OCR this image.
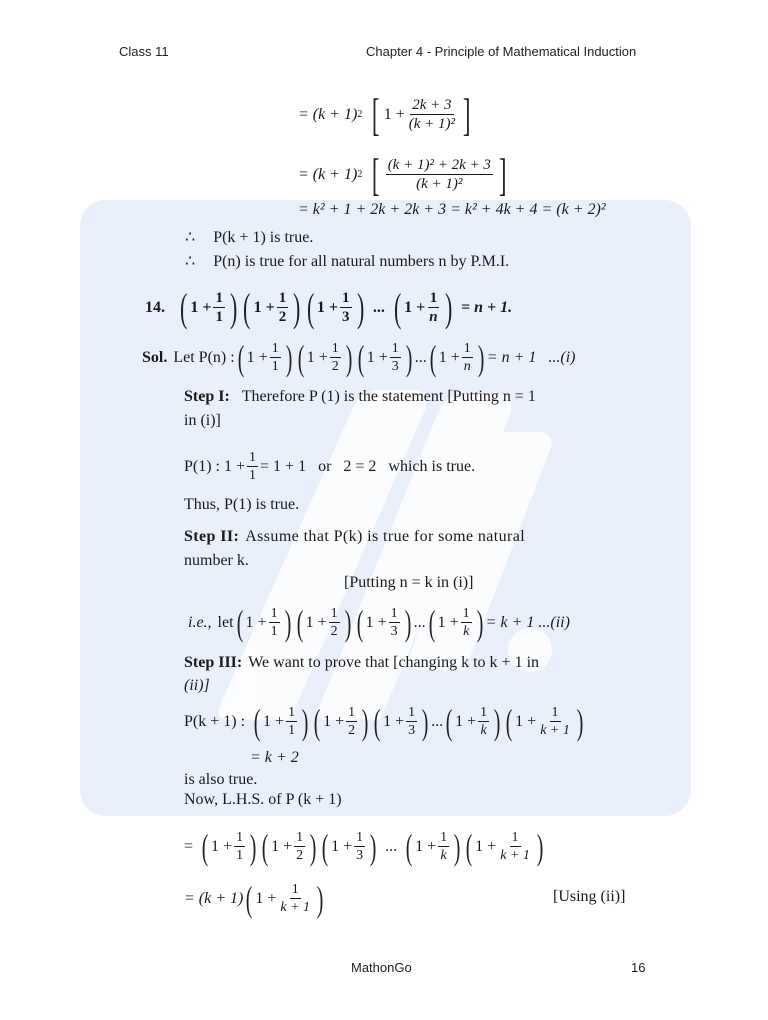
Class 11	Chapter 4 - Principle of Mathematical Induction
= (k + 1) 2 [ $1 + \frac{2k + 3}{\text{(k + 1)²}}$ ]
= (k + 1) 2 [ $\frac{\text{(k + 1)² + 2k + 3}}{\text{(k + 1)²}}$ ]
= k² + 1 + 2k + 2k + 3 = k² + 4k + 4 = (k + 2)²
∴ P(k + 1) is true.
∴ P(n) is true for all natural numbers n by P.M.I.
14. ( $1 + \frac{1}{1}$ ) ( $1 + \frac{1}{2}$ ) ( $1 + \frac{1}{3}$ ) ... ( $1 + \frac{1}{n}$ ) = n + 1.
Sol. Let P(n) : ( $1 + \frac{1}{1}$ ) ( $1 + \frac{1}{2}$ ) ( $1 + \frac{1}{3}$ ) ... ( $1 + \frac{1}{n}$ ) = n + 1 ...(i)
Step I: Therefore P (1) is the statement [Putting n = 1
in (i)]
P(1) : $1 + \frac{1}{1} = 1 + 1$   or   2 = 2   which is true.
Thus, P(1) is true.
Step II: Assume that P(k) is true for some natural
number k.
[Putting n = k in (i)]
i.e., let ( $1 + \frac{1}{1}$ ) ( $1 + \frac{1}{2}$ ) ( $1 + \frac{1}{3}$ ) ... ( $1 + \frac{1}{k}$ ) = k + 1 ...(ii)
Step III: We want to prove that [changing k to k + 1 in
(ii)]
P(k + 1) : ( $1 + \frac{1}{1}$ ) ( $1 + \frac{1}{2}$ ) ( $1 + \frac{1}{3}$ ) ... ( $1 + \frac{1}{k}$ ) ( $1 + \frac{1}{k + 1}$ )
= k + 2
is also true.
Now, L.H.S. of P (k + 1)
= ( $1 + \frac{1}{1}$ ) ( $1 + \frac{1}{2}$ ) ( $1 + \frac{1}{3}$ ) ... ( $1 + \frac{1}{k}$ ) ( $1 + \frac{1}{k + 1}$ )
= (k + 1) ( $1 + \frac{1}{k + 1}$ )	[Using (ii)]
MathonGo	16
